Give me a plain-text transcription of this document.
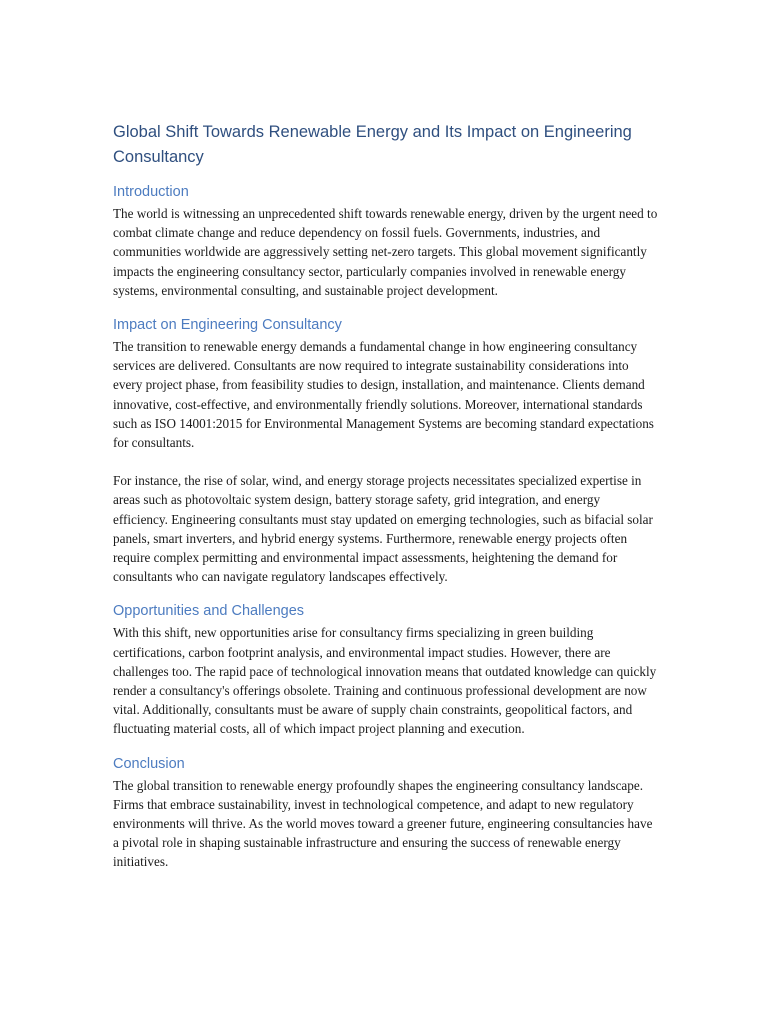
Global Shift Towards Renewable Energy and Its Impact on Engineering Consultancy
Introduction

The world is witnessing an unprecedented shift towards renewable energy, driven by the urgent need to combat climate change and reduce dependency on fossil fuels. Governments, industries, and communities worldwide are aggressively setting net-zero targets. This global movement significantly impacts the engineering consultancy sector, particularly companies involved in renewable energy systems, environmental consulting, and sustainable project development.

Impact on Engineering Consultancy

The transition to renewable energy demands a fundamental change in how engineering consultancy services are delivered. Consultants are now required to integrate sustainability considerations into every project phase, from feasibility studies to design, installation, and maintenance. Clients demand innovative, cost-effective, and environmentally friendly solutions. Moreover, international standards such as ISO 14001:2015 for Environmental Management Systems are becoming standard expectations for consultants.

For instance, the rise of solar, wind, and energy storage projects necessitates specialized expertise in areas such as photovoltaic system design, battery storage safety, grid integration, and energy efficiency. Engineering consultants must stay updated on emerging technologies, such as bifacial solar panels, smart inverters, and hybrid energy systems. Furthermore, renewable energy projects often require complex permitting and environmental impact assessments, heightening the demand for consultants who can navigate regulatory landscapes effectively.

Opportunities and Challenges

With this shift, new opportunities arise for consultancy firms specializing in green building certifications, carbon footprint analysis, and environmental impact studies. However, there are challenges too. The rapid pace of technological innovation means that outdated knowledge can quickly render a consultancy's offerings obsolete. Training and continuous professional development are now vital. Additionally, consultants must be aware of supply chain constraints, geopolitical factors, and fluctuating material costs, all of which impact project planning and execution.

Conclusion

The global transition to renewable energy profoundly shapes the engineering consultancy landscape. Firms that embrace sustainability, invest in technological competence, and adapt to new regulatory environments will thrive. As the world moves toward a greener future, engineering consultancies have a pivotal role in shaping sustainable infrastructure and ensuring the success of renewable energy initiatives.
